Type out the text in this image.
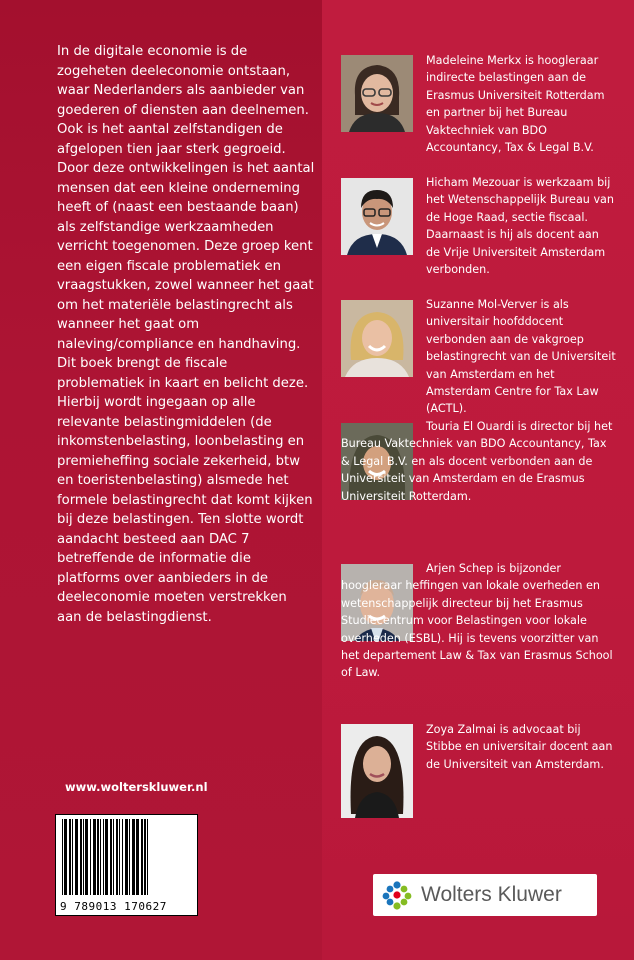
In de digitale economie is de zogeheten deeleconomie ontstaan, waar Nederlanders als aanbieder van goederen of diensten aan deelnemen. Ook is het aantal zelfstandigen de afgelopen tien jaar sterk gegroeid. Door deze ontwikkelingen is het aantal mensen dat een kleine onderneming heeft of (naast een bestaande baan) als zelfstandige werkzaamheden verricht toegenomen. Deze groep kent een eigen fiscale problematiek en vraagstukken, zowel wanneer het gaat om het materiële belastingrecht als wanneer het gaat om naleving/compliance en handhaving. Dit boek brengt de fiscale problematiek in kaart en belicht deze. Hierbij wordt ingegaan op alle relevante belastingmiddelen (de inkomstenbelasting, loonbelasting en premieheffing sociale zekerheid, btw en toeristenbelasting) alsmede het formele belastingrecht dat komt kijken bij deze belastingen. Ten slotte wordt aandacht besteed aan DAC 7 betreffende de informatie die platforms over aanbieders in de deeleconomie moeten verstrekken aan de belastingdienst.

www.wolterskluwer.nl
9 789013 170627

Madeleine Merkx is hoogleraar indirecte belastingen aan de Erasmus Universiteit Rotterdam en partner bij het Bureau Vaktechniek van BDO Accountancy, Tax & Legal B.V.

Hicham Mezouar is werkzaam bij het Wetenschappelijk Bureau van de Hoge Raad, sectie fiscaal. Daarnaast is hij als docent aan de Vrije Universiteit Amsterdam verbonden.

Suzanne Mol-Verver is als universitair hoofddocent verbonden aan de vakgroep belastingrecht van de Universiteit van Amsterdam en het Amsterdam Centre for Tax Law (ACTL).

Touria El Ouardi is director bij het Bureau Vaktechniek van BDO Accountancy, Tax & Legal B.V. en als docent verbonden aan de Universiteit van Amsterdam en de Erasmus Universiteit Rotterdam.

Arjen Schep is bijzonder hoogleraar heffingen van lokale overheden en wetenschappelijk directeur bij het Erasmus Studiecentrum voor Belastingen voor lokale overheden (ESBL). Hij is tevens voorzitter van het departement Law & Tax van Erasmus School of Law.

Zoya Zalmai is advocaat bij Stibbe en universitair docent aan de Universiteit van Amsterdam.

Wolters Kluwer
